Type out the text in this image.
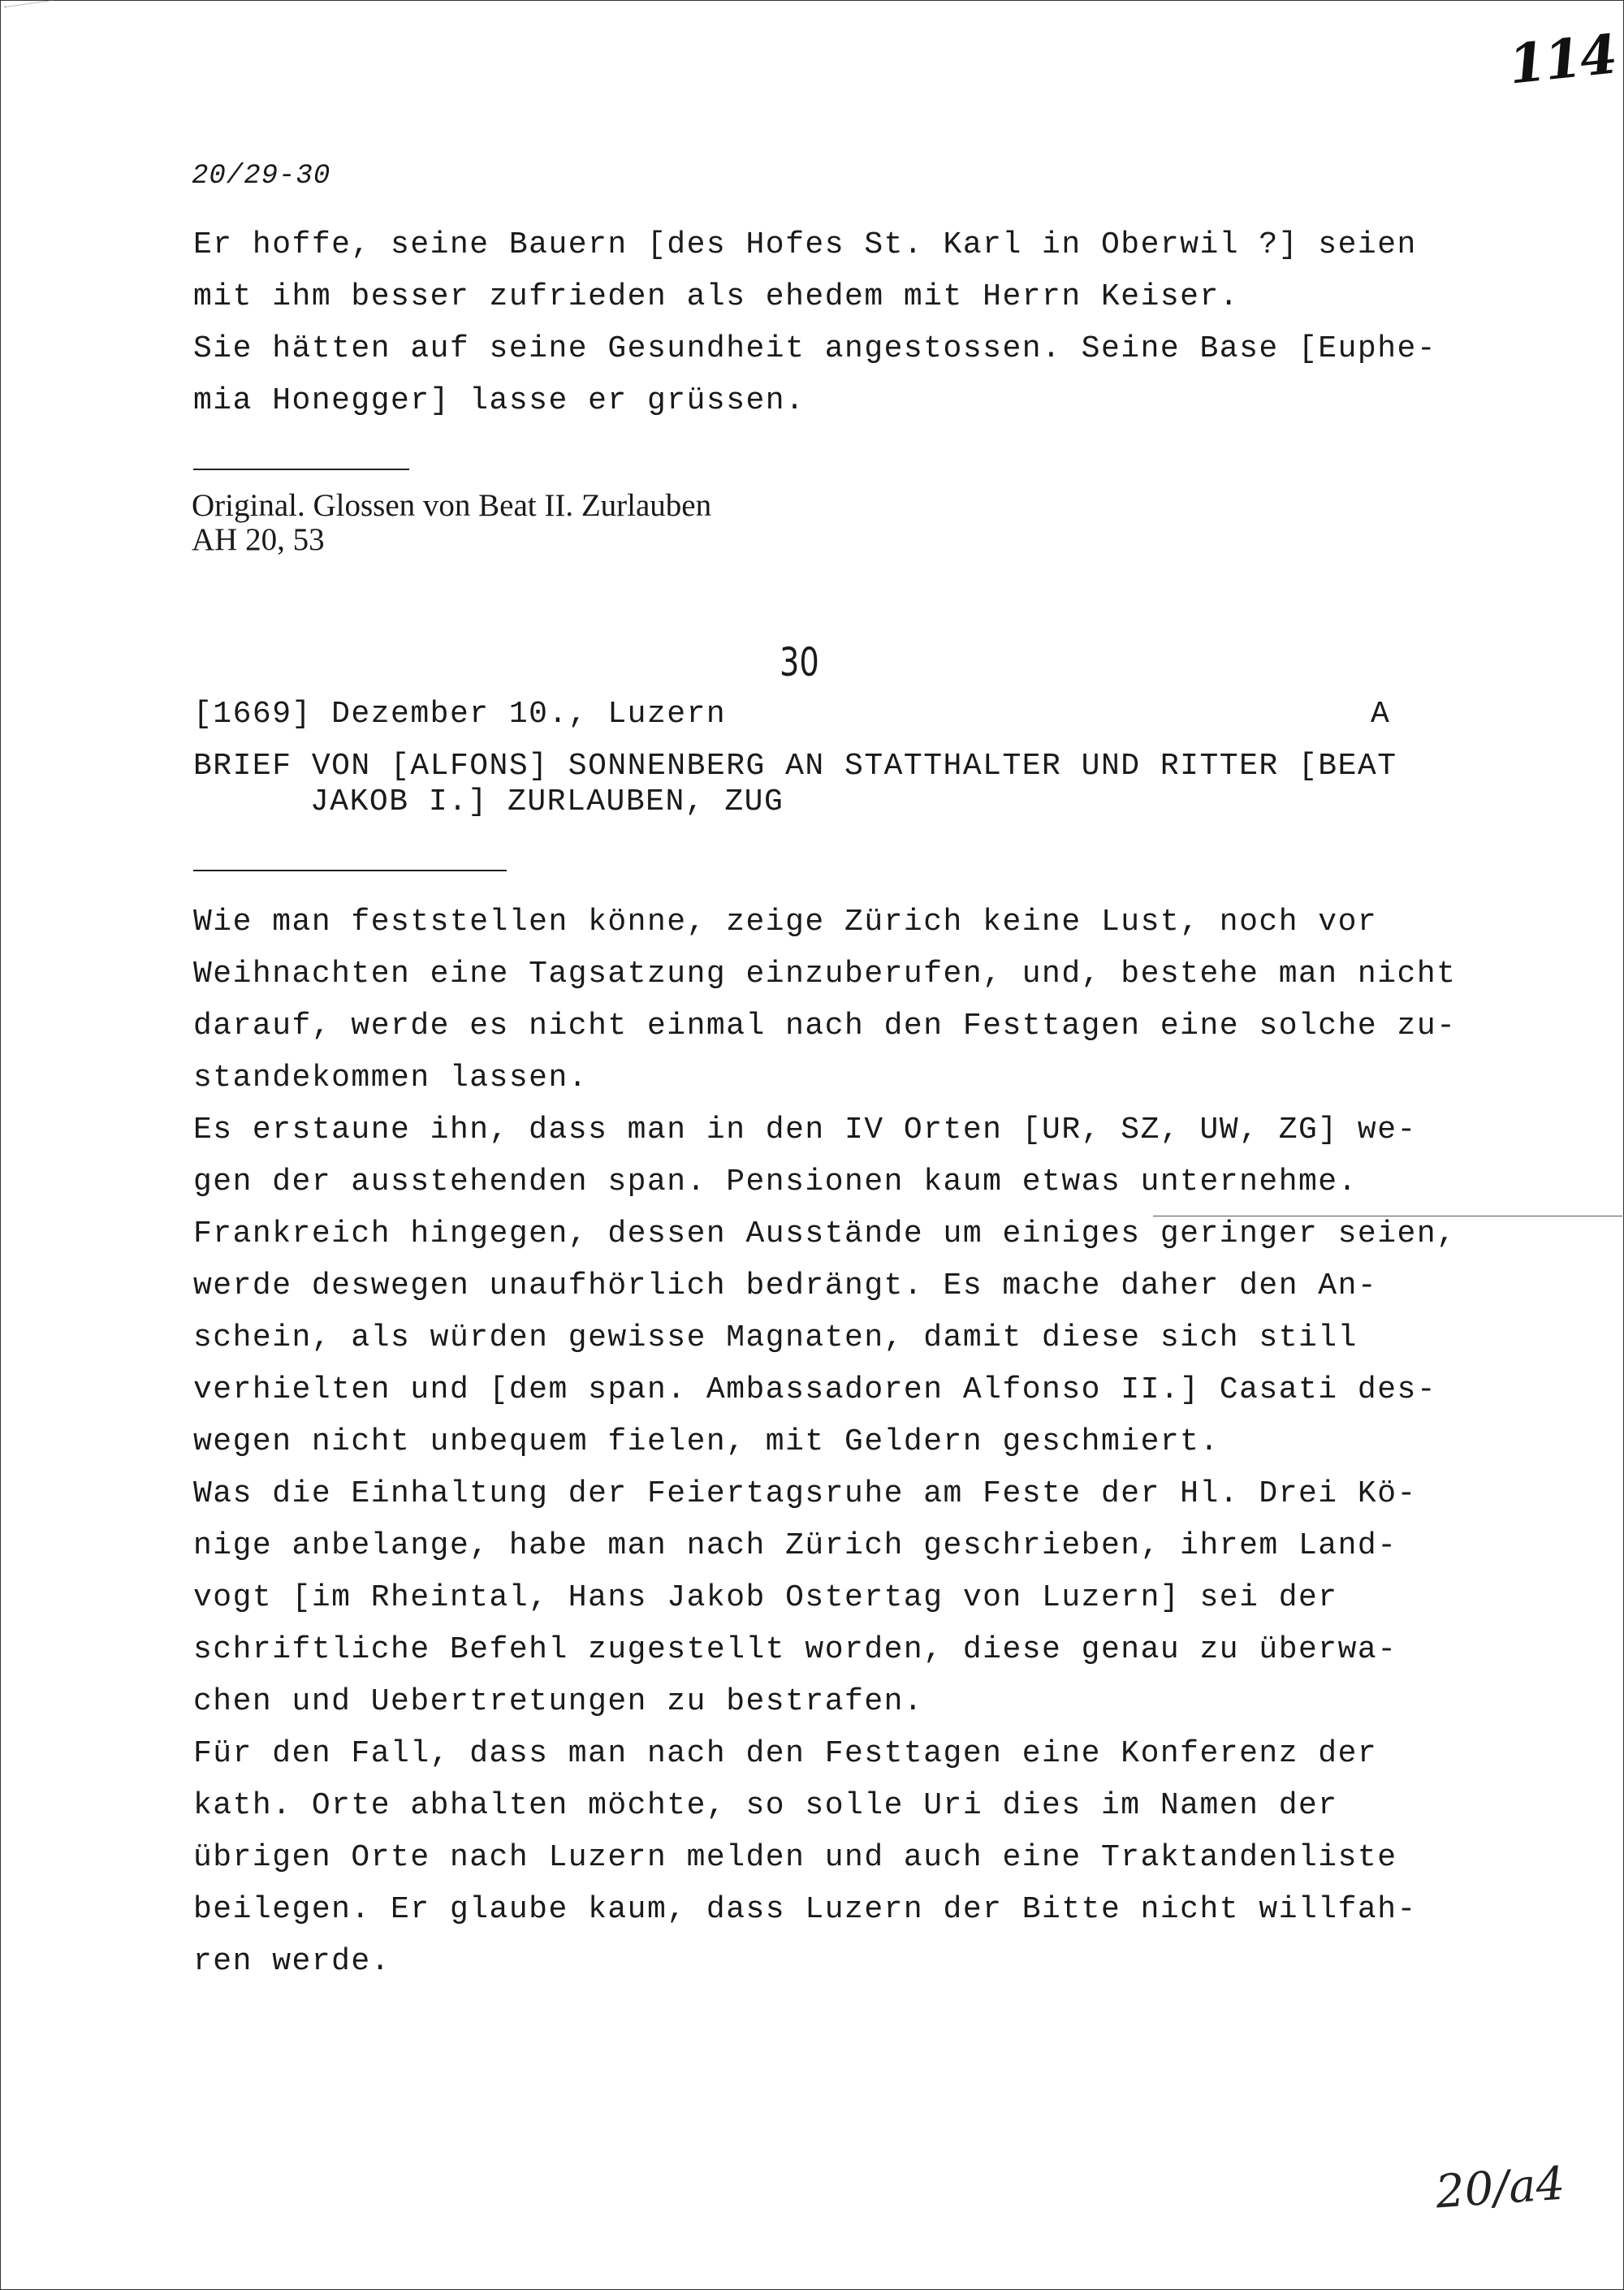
114
20/29-30
Er hoffe, seine Bauern [des Hofes St. Karl in Oberwil ?] seien
mit ihm besser zufrieden als ehedem mit Herrn Keiser.
Sie hätten auf seine Gesundheit angestossen. Seine Base [Euphe-
mia Honegger] lasse er grüssen.
Original. Glossen von Beat II. Zurlauben
AH 20, 53
30
[1669] Dezember 10., Luzern	A
BRIEF VON [ALFONS] SONNENBERG AN STATTHALTER UND RITTER [BEAT
JAKOB I.] ZURLAUBEN, ZUG
Wie man feststellen könne, zeige Zürich keine Lust, noch vor
Weihnachten eine Tagsatzung einzuberufen, und, bestehe man nicht
darauf, werde es nicht einmal nach den Festtagen eine solche zu-
standekommen lassen.
Es erstaune ihn, dass man in den IV Orten [UR, SZ, UW, ZG] we-
gen der ausstehenden span. Pensionen kaum etwas unternehme.
Frankreich hingegen, dessen Ausstände um einiges geringer seien,
werde deswegen unaufhörlich bedrängt. Es mache daher den An-
schein, als würden gewisse Magnaten, damit diese sich still
verhielten und [dem span. Ambassadoren Alfonso II.] Casati des-
wegen nicht unbequem fielen, mit Geldern geschmiert.
Was die Einhaltung der Feiertagsruhe am Feste der Hl. Drei Kö-
nige anbelange, habe man nach Zürich geschrieben, ihrem Land-
vogt [im Rheintal, Hans Jakob Ostertag von Luzern] sei der
schriftliche Befehl zugestellt worden, diese genau zu überwa-
chen und Uebertretungen zu bestrafen.
Für den Fall, dass man nach den Festtagen eine Konferenz der
kath. Orte abhalten möchte, so solle Uri dies im Namen der
übrigen Orte nach Luzern melden und auch eine Traktandenliste
beilegen. Er glaube kaum, dass Luzern der Bitte nicht willfah-
ren werde.
20/a4
